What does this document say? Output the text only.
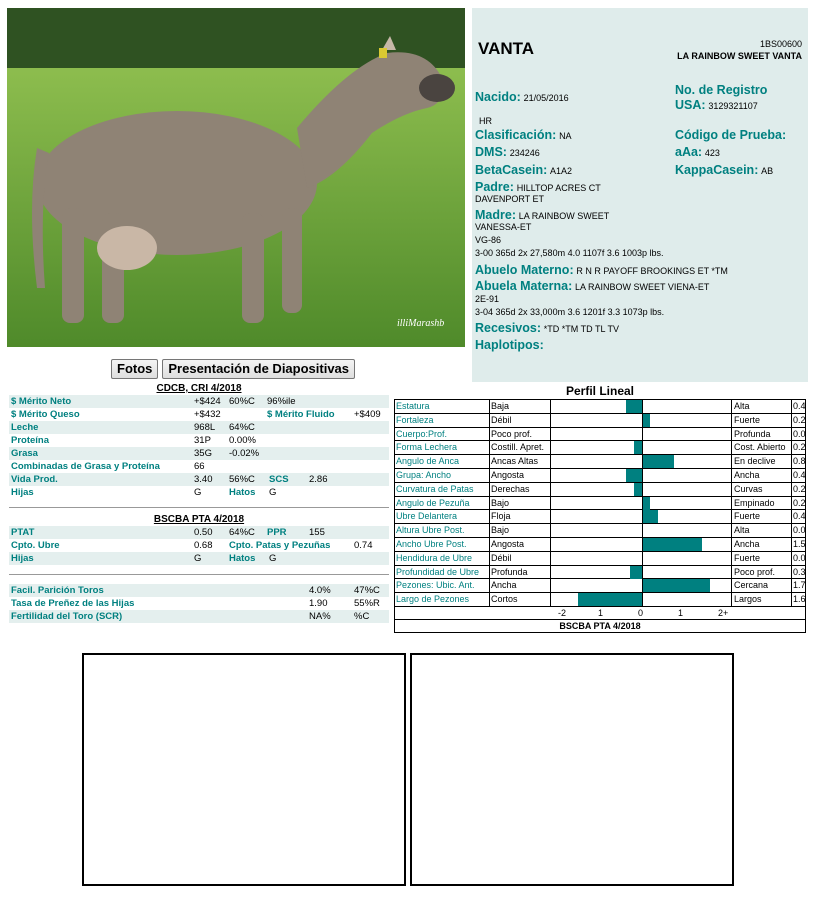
illiMarashb
Fotos	Presentación de Diapositivas
VANTA	1BS00600
LA RAINBOW SWEET VANTA
Nacido: 21/05/2016
No. de Registro
USA: 3129321107
HR
Clasificación: NA	Código de Prueba:
DMS: 234246	aAa: 423
BetaCasein: A1A2	KappaCasein: AB
Padre: HILLTOP ACRES CT
DAVENPORT ET
Madre: LA RAINBOW SWEET
VANESSA-ET
VG-86
3-00 365d 2x 27,580m 4.0 1107f 3.6 1003p lbs.
Abuelo Materno: R N R PAYOFF BROOKINGS ET *TM
Abuela Materna: LA RAINBOW SWEET VIENA-ET
2E-91
3-04 365d 2x 33,000m 3.6 1201f 3.3 1073p lbs.
Recesivos: *TD *TM TD TL TV
Haplotipos:
CDCB, CRI 4/2018
$ Mérito Neto	+$424 60%C 96%ile
$ Mérito Queso	+$432	$ Mérito Fluido +$409
Leche	968L 64%C
Proteína	31P 0.00%
Grasa	35G -0.02%
Combinadas de Grasa y Proteína	66
Vida Prod.	3.40 56%C SCS 2.86
Hijas	G	Hatos G
BSCBA PTA 4/2018
PTAT	0.50 64%C PPR 155
Cpto. Ubre	0.68 Cpto. Patas y Pezuñas 0.74
Hijas	G	Hatos G
Facil. Parición Toros	4.0% 47%C
Tasa de Preñez de las Hijas	1.90	55%R
Fertilidad del Toro (SCR)	NA% %C
Perfil Lineal
Estatura	Baja	Alta	0.4
Fortaleza	Débil	Fuerte	0.2
Cuerpo:Prof.	Poco prof.	Profunda	0.0
Forma Lechera	Costill. Apret.	Cost. Abierto 0.2
Angulo de Anca	Ancas Altas	En declive	0.8
Grupa: Ancho	Angosta	Ancha	0.4
Curvatura de Patas	Derechas	Curvas	0.2
Angulo de Pezuña	Bajo	Empinado	0.2
Ubre Delantera	Floja	Fuerte	0.4
Altura Ubre Post.	Bajo	Alta	0.0
Ancho Ubre Post.	Angosta	Ancha	1.5
Hendidura de Ubre	Débil	Fuerte	0.0
Profundidad de Ubre	Profunda	Poco prof.	0.3
Pezones: Ubic. Ant.	Ancha	Cercana	1.7
Largo de Pezones	Cortos	Largos	1.6
-2	1	0	1	2+
BSCBA PTA 4/2018
